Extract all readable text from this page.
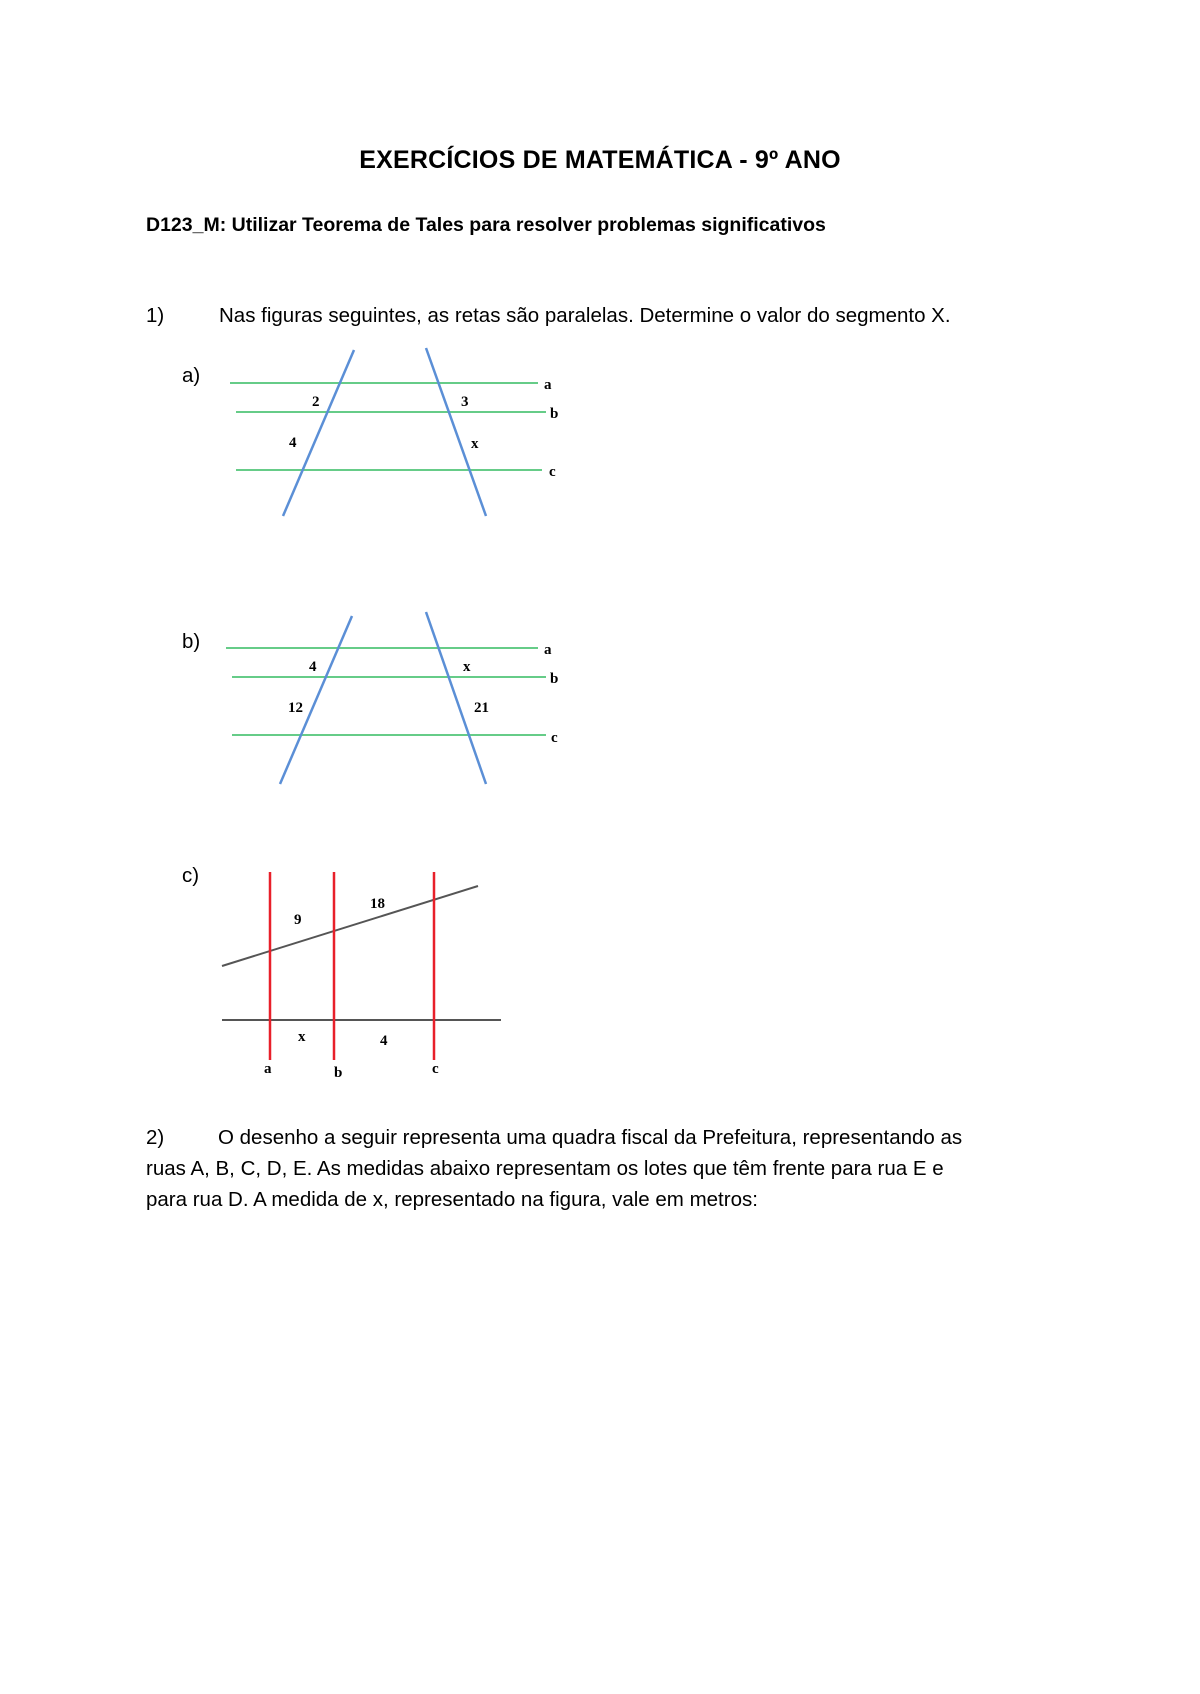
EXERCÍCIOS DE MATEMÁTICA - 9º ANO
D123_M: Utilizar Teorema de Tales para resolver problemas significativos
1)	Nas figuras seguintes, as retas são paralelas. Determine o valor do segmento X.
a)	a
b
c
2
4
3
x
b)	a
b
c
4
12
x
21
c)
a	b	c
9
18
x	4
2)	O desenho a seguir representa uma quadra fiscal da Prefeitura, representando as
ruas A, B, C, D, E. As medidas abaixo representam os lotes que têm frente para rua E e
para rua D. A medida de x, representado na figura, vale em metros:
